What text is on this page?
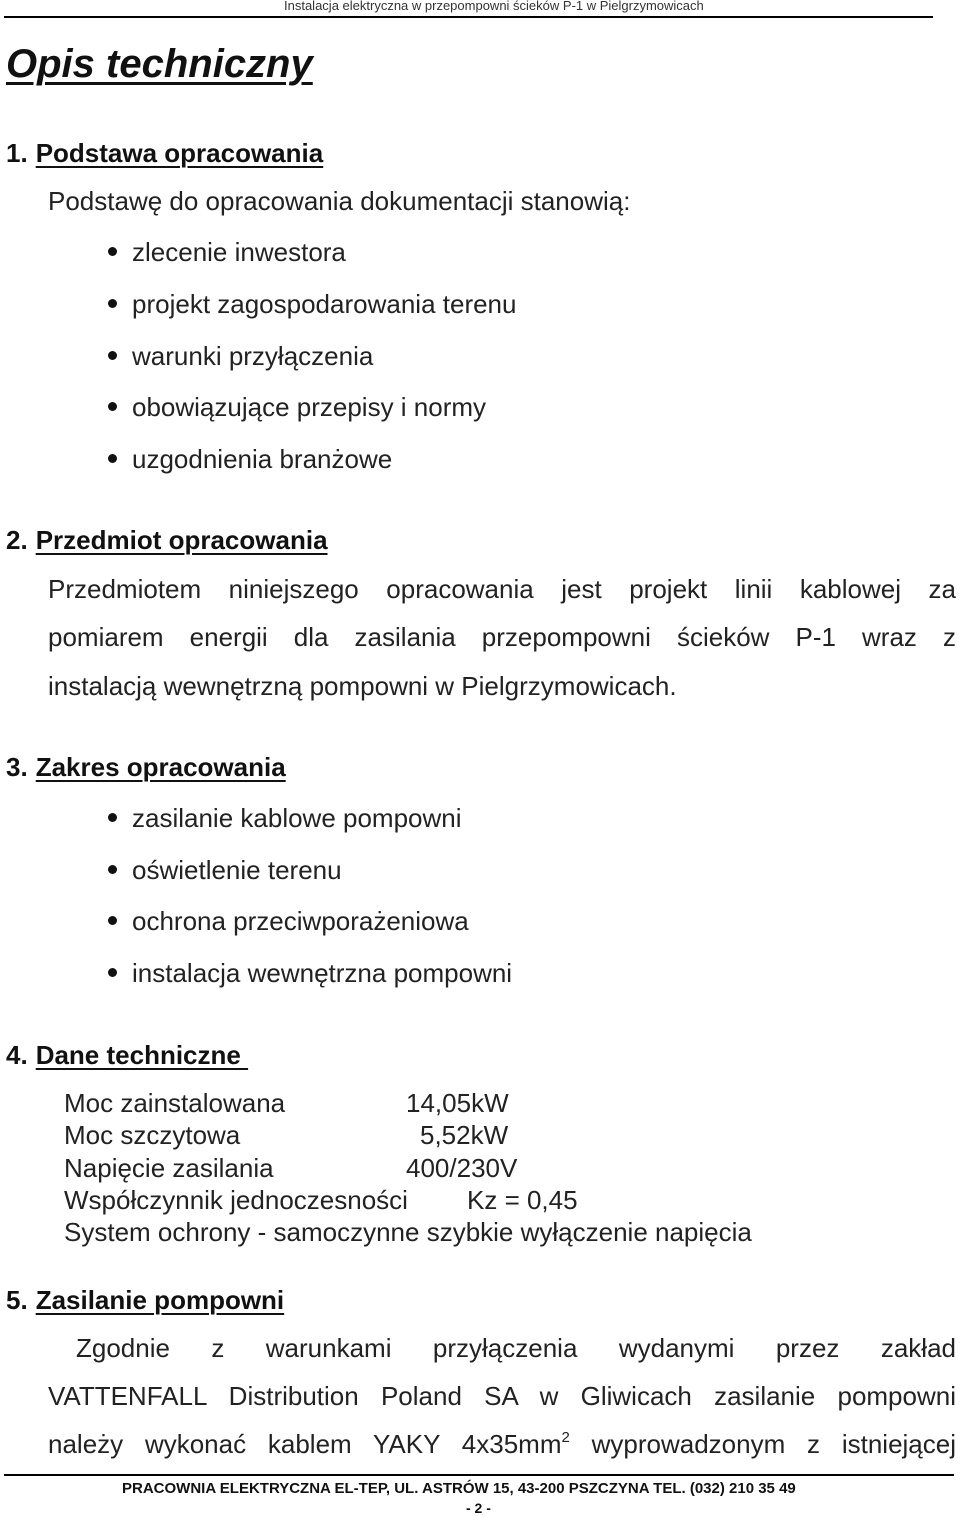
Instalacja elektryczna w przepompowni ścieków P-1 w Pielgrzymowicach
Opis techniczny
1. Podstawa opracowania
Podstawę do opracowania dokumentacji stanowią:
zlecenie inwestora
projekt zagospodarowania terenu
warunki przyłączenia
obowiązujące przepisy i normy
uzgodnienia branżowe
2. Przedmiot opracowania
Przedmiotem niniejszego opracowania jest projekt linii kablowej za
pomiarem energii dla zasilania przepompowni ścieków P-1 wraz z
instalacją wewnętrzną pompowni w Pielgrzymowicach.
3. Zakres opracowania
zasilanie kablowe pompowni
oświetlenie terenu
ochrona przeciwporażeniowa
instalacja wewnętrzna pompowni
4. Dane techniczne
Moc zainstalowana	14,05kW
Moc szczytowa	5,52kW
Napięcie zasilania	400/230V
Współczynnik jednoczesności Kz = 0,45
System ochrony - samoczynne szybkie wyłączenie napięcia
5. Zasilanie pompowni
Zgodnie z warunkami przyłączenia wydanymi przez zakład
VATTENFALL Distribution Poland SA w Gliwicach zasilanie pompowni
należy wykonać kablem YAKY $4x35mm^2$ wyprowadzonym z istniejącej
PRACOWNIA ELEKTRYCZNA EL-TEP, UL. ASTRÓW 15, 43-200 PSZCZYNA TEL. (032) 210 35 49
- 2 -
